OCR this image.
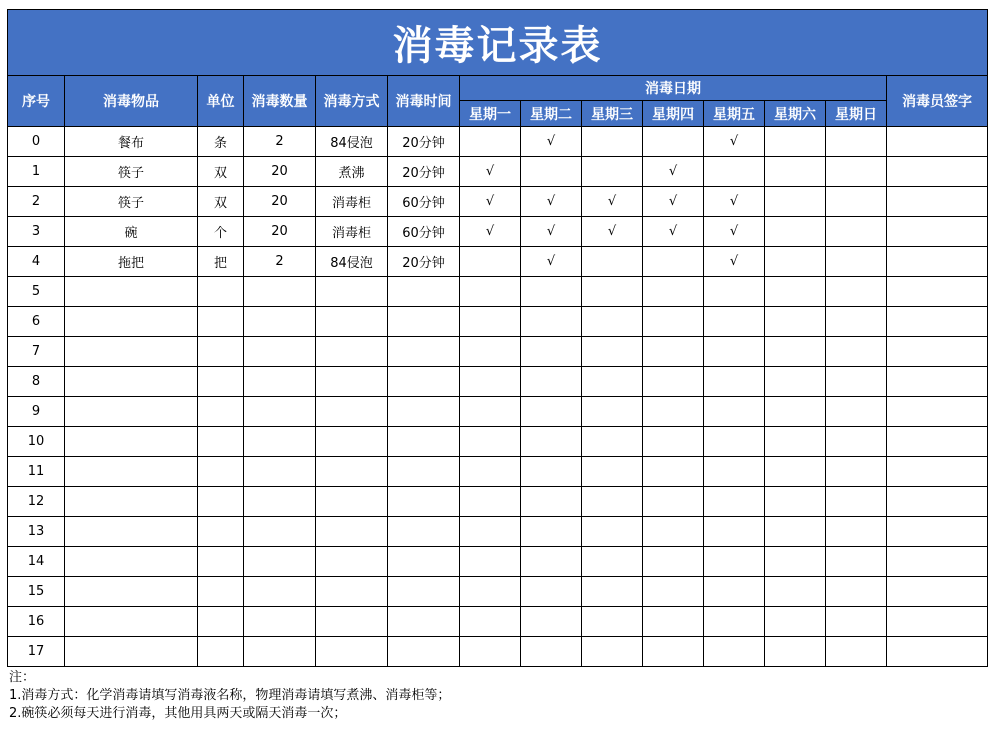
消毒记录表													
序号	消毒物品	单位	消毒数量	消毒方式	消毒时间	消毒日期							消毒员签字
						星期一	星期二	星期三	星期四	星期五	星期六	星期日	
0	餐布	条	2	84侵泡	20分钟		√			√			
1	筷子	双	20	煮沸	20分钟	√			√				
2	筷子	双	20	消毒柜	60分钟	√	√	√	√	√			
3	碗	个	20	消毒柜	60分钟	√	√	√	√	√			
4	拖把	把	2	84侵泡	20分钟		√			√			
5													
6													
7													
8													
9													
10													
11													
12													
13													
14													
15													
16													
17													
注：
1.消毒方式：化学消毒请填写消毒液名称，物理消毒请填写煮沸、消毒柜等；
2.碗筷必须每天进行消毒，其他用具两天或隔天消毒一次；
